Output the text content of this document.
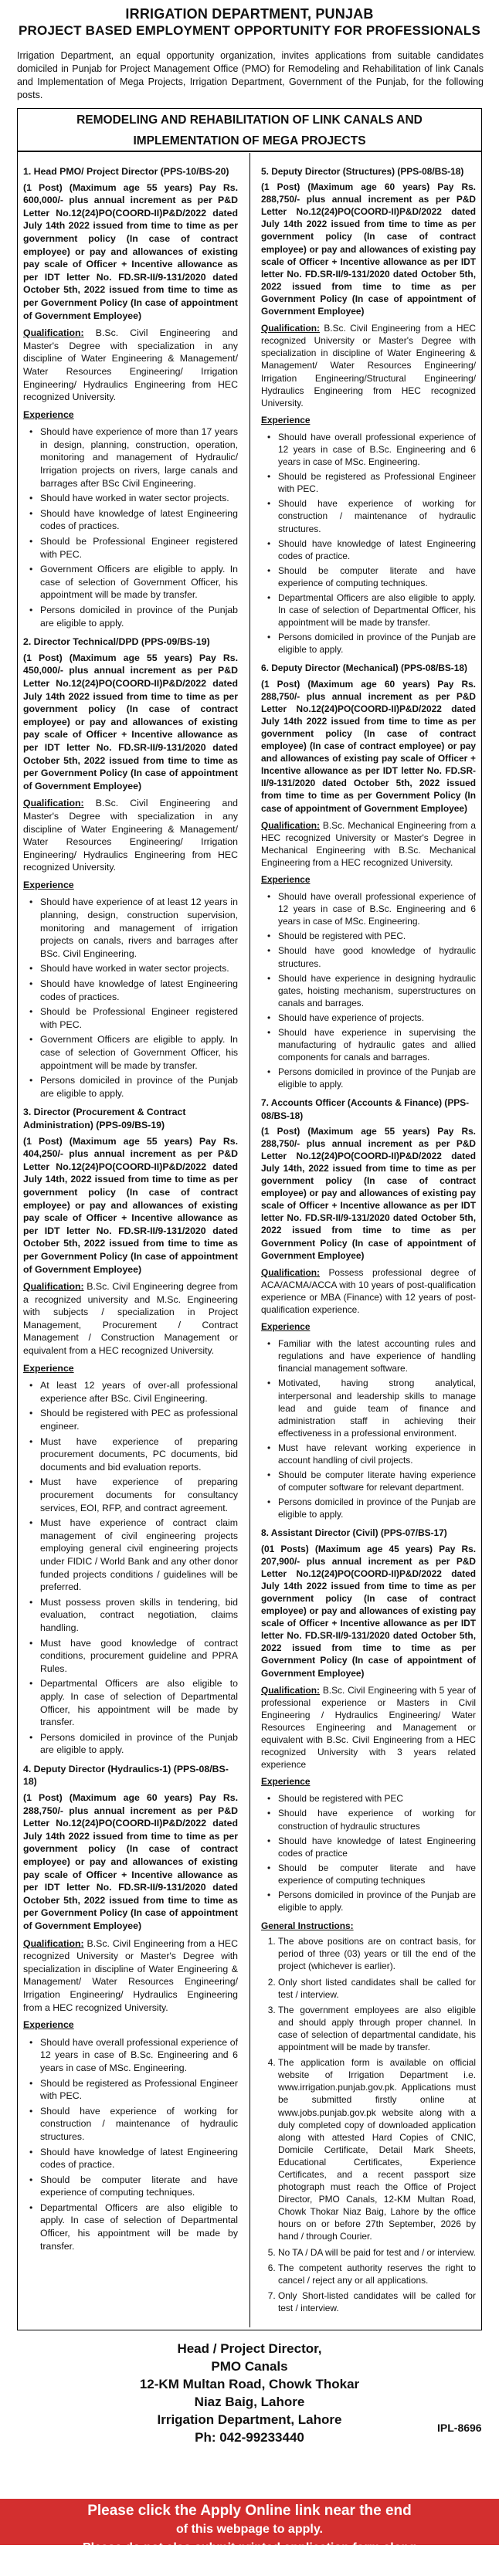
IRRIGATION DEPARTMENT, PUNJAB
PROJECT BASED EMPLOYMENT OPPORTUNITY FOR PROFESSIONALS
Irrigation Department, an equal opportunity organization, invites applications from suitable candidates domiciled in Punjab for Project Management Office (PMO) for Remodeling and Rehabilitation of link Canals and Implementation of Mega Projects, Irrigation Department, Government of the Punjab, for the following posts.
REMODELING AND REHABILITATION OF LINK CANALS AND
IMPLEMENTATION OF MEGA PROJECTS
1. Head PMO/ Project Director (PPS-10/BS-20)
(1 Post) (Maximum age 55 years) Pay Rs. 600,000/- plus annual increment as per P&D Letter No.12(24)PO(COORD-II)P&D/2022 dated July 14th 2022 issued from time to time as per government policy (In case of contract employee) or pay and allowances of existing pay scale of Officer + Incentive allowance as per IDT letter No. FD.SR-II/9-131/2020 dated October 5th, 2022 issued from time to time as per Government Policy (In case of appointment of Government Employee)
Qualification: B.Sc. Civil Engineering and Master's Degree with specialization in any discipline of Water Engineering & Management/ Water Resources Engineering/ Irrigation Engineering/ Hydraulics Engineering from HEC recognized University.
Experience
• Should have experience of more than 17 years in design, planning, construction, operation, monitoring and management of Hydraulic/ Irrigation projects on rivers, large canals and barrages after BSc Civil Engineering.
• Should have worked in water sector projects.
• Should have knowledge of latest Engineering codes of practices.
• Should be Professional Engineer registered with PEC.
• Government Officers are eligible to apply. In case of selection of Government Officer, his appointment will be made by transfer.
• Persons domiciled in province of the Punjab are eligible to apply.
2. Director Technical/DPD (PPS-09/BS-19)
(1 Post) (Maximum age 55 years) Pay Rs. 450,000/- plus annual increment as per P&D Letter No.12(24)PO(COORD-II)P&D/2022 dated July 14th 2022 issued from time to time as per government policy (In case of contract employee) or pay and allowances of existing pay scale of Officer + Incentive allowance as per IDT letter No. FD.SR-II/9-131/2020 dated October 5th, 2022 issued from time to time as per Government Policy (In case of appointment of Government Employee)
Qualification: B.Sc. Civil Engineering and Master's Degree with specialization in any discipline of Water Engineering & Management/ Water Resources Engineering/ Irrigation Engineering/ Hydraulics Engineering from HEC recognized University.
Experience
• Should have experience of at least 12 years in planning, design, construction supervision, monitoring and management of irrigation projects on canals, rivers and barrages after BSc. Civil Engineering.
• Should have worked in water sector projects.
• Should have knowledge of latest Engineering codes of practices.
• Should be Professional Engineer registered with PEC.
• Government Officers are eligible to apply. In case of selection of Government Officer, his appointment will be made by transfer.
• Persons domiciled in province of the Punjab are eligible to apply.
3. Director (Procurement & Contract Administration) (PPS-09/BS-19)
(1 Post) (Maximum age 55 years) Pay Rs. 404,250/- plus annual increment as per P&D Letter No.12(24)PO(COORD-II)P&D/2022 dated July 14th, 2022 issued from time to time as per government policy (In case of contract employee) or pay and allowances of existing pay scale of Officer + Incentive allowance as per IDT letter No. FD.SR-II/9-131/2020 dated October 5th, 2022 issued from time to time as per Government Policy (In case of appointment of Government Employee)
Qualification: B.Sc. Civil Engineering degree from a recognized university and M.Sc. Engineering with subjects / specialization in Project Management, Procurement / Contract Management / Construction Management or equivalent from a HEC recognized University.
Experience
• At least 12 years of over-all professional experience after BSc. Civil Engineering.
• Should be registered with PEC as professional engineer.
• Must have experience of preparing procurement documents, PC documents, bid documents and bid evaluation reports.
• Must have experience of preparing procurement documents for consultancy services, EOI, RFP, and contract agreement.
• Must have experience of contract claim management of civil engineering projects employing general civil engineering projects under FIDIC / World Bank and any other donor funded projects conditions / guidelines will be preferred.
• Must possess proven skills in tendering, bid evaluation, contract negotiation, claims handling.
• Must have good knowledge of contract conditions, procurement guideline and PPRA Rules.
• Departmental Officers are also eligible to apply. In case of selection of Departmental Officer, his appointment will be made by transfer.
• Persons domiciled in province of the Punjab are eligible to apply.
4. Deputy Director (Hydraulics-1) (PPS-08/BS-18)
(1 Post) (Maximum age 60 years) Pay Rs. 288,750/- plus annual increment as per P&D Letter No.12(24)PO(COORD-II)P&D/2022 dated July 14th 2022 issued from time to time as per government policy (In case of contract employee) or pay and allowances of existing pay scale of Officer + Incentive allowance as per IDT letter No. FD.SR-II/9-131/2020 dated October 5th, 2022 issued from time to time as per Government Policy (In case of appointment of Government Employee)
Qualification: B.Sc. Civil Engineering from a HEC recognized University or Master's Degree with specialization in discipline of Water Engineering & Management/ Water Resources Engineering/ Irrigation Engineering/ Hydraulics Engineering from a HEC recognized University.
Experience
• Should have overall professional experience of 12 years in case of B.Sc. Engineering and 6 years in case of MSc. Engineering.
• Should be registered as Professional Engineer with PEC.
• Should have experience of working for construction / maintenance of hydraulic structures.
• Should have knowledge of latest Engineering codes of practice.
• Should be computer literate and have experience of computing techniques.
• Departmental Officers are also eligible to apply. In case of selection of Departmental Officer, his appointment will be made by transfer.
5. Deputy Director (Structures) (PPS-08/BS-18)
(1 Post) (Maximum age 60 years) Pay Rs. 288,750/- plus annual increment as per P&D Letter No.12(24)PO(COORD-II)P&D/2022 dated July 14th 2022 issued from time to time as per government policy (In case of contract employee) or pay and allowances of existing pay scale of Officer + Incentive allowance as per IDT letter No. FD.SR-II/9-131/2020 dated October 5th, 2022 issued from time to time as per Government Policy (In case of appointment of Government Employee)
Qualification: B.Sc. Civil Engineering from a HEC recognized University or Master's Degree with specialization in discipline of Water Engineering & Management/ Water Resources Engineering/ Irrigation Engineering/Structural Engineering/ Hydraulics Engineering from HEC recognized University.
Experience
• Should have overall professional experience of 12 years in case of B.Sc. Engineering and 6 years in case of MSc. Engineering.
• Should be registered as Professional Engineer with PEC.
• Should have experience of working for construction / maintenance of hydraulic structures.
• Should have knowledge of latest Engineering codes of practice.
• Should be computer literate and have experience of computing techniques.
• Departmental Officers are also eligible to apply. In case of selection of Departmental Officer, his appointment will be made by transfer.
• Persons domiciled in province of the Punjab are eligible to apply.
6. Deputy Director (Mechanical) (PPS-08/BS-18)
(1 Post) (Maximum age 60 years) Pay Rs. 288,750/- plus annual increment as per P&D Letter No.12(24)PO(COORD-II)P&D/2022 dated July 14th 2022 issued from time to time as per government policy (In case of contract employee) (In case of contract employee) or pay and allowances of existing pay scale of Officer + Incentive allowance as per IDT letter No. FD.SR-II/9-131/2020 dated October 5th, 2022 issued from time to time as per Government Policy (In case of appointment of Government Employee)
Qualification: B.Sc. Mechanical Engineering from a HEC recognized University or Master's Degree in Mechanical Engineering with B.Sc. Mechanical Engineering from a HEC recognized University.
Experience
• Should have overall professional experience of 12 years in case of B.Sc. Engineering and 6 years in case of MSc. Engineering.
• Should be registered with PEC.
• Should have good knowledge of hydraulic structures.
• Should have experience in designing hydraulic gates, hoisting mechanism, superstructures on canals and barrages.
• Should have experience of projects.
• Should have experience in supervising the manufacturing of hydraulic gates and allied components for canals and barrages.
• Persons domiciled in province of the Punjab are eligible to apply.
7. Accounts Officer (Accounts & Finance) (PPS-08/BS-18)
(1 Post) (Maximum age 55 years) Pay Rs. 288,750/- plus annual increment as per P&D Letter No.12(24)PO(COORD-II)P&D/2022 dated July 14th, 2022 issued from time to time as per government policy (In case of contract employee) or pay and allowances of existing pay scale of Officer + Incentive allowance as per IDT letter No. FD.SR-II/9-131/2020 dated October 5th, 2022 issued from time to time as per Government Policy (In case of appointment of Government Employee)
Qualification: Possess professional degree of ACA/ACMA/ACCA with 10 years of post-qualification experience or MBA (Finance) with 12 years of post-qualification experience.
Experience
• Familiar with the latest accounting rules and regulations and have experience of handling financial management software.
• Motivated, having strong analytical, interpersonal and leadership skills to manage lead and guide team of finance and administration staff in achieving their effectiveness in a professional environment.
• Must have relevant working experience in account handling of civil projects.
• Should be computer literate having experience of computer software for relevant department.
• Persons domiciled in province of the Punjab are eligible to apply.
8. Assistant Director (Civil) (PPS-07/BS-17)
(01 Posts) (Maximum age 45 years) Pay Rs. 207,900/- plus annual increment as per P&D Letter No.12(24)PO(COORD-II)P&D/2022 dated July 14th 2022 issued from time to time as per government policy (In case of contract employee) or pay and allowances of existing pay scale of Officer + Incentive allowance as per IDT letter No. FD.SR-II/9-131/2020 dated October 5th, 2022 issued from time to time as per Government Policy (In case of appointment of Government Employee)
Qualification: B.Sc. Civil Engineering with 5 year of professional experience or Masters in Civil Engineering / Hydraulics Engineering/ Water Resources Engineering and Management or equivalent with B.Sc. Civil Engineering from a HEC recognized University with 3 years related experience
Experience
• Should be registered with PEC
• Should have experience of working for construction of hydraulic structures
• Should have knowledge of latest Engineering codes of practice
• Should be computer literate and have experience of computing techniques
• Persons domiciled in province of the Punjab are eligible to apply.
General Instructions:
1. The above positions are on contract basis, for period of three (03) years or till the end of the project (whichever is earlier).
2. Only short listed candidates shall be called for test / interview.
3. The government employees are also eligible and should apply through proper channel. In case of selection of departmental candidate, his appointment will be made by transfer.
4. The application form is available on official website of Irrigation Department i.e. www.irrigation.punjab.gov.pk. Applications must be submitted firstly online at www.jobs.punjab.gov.pk website along with a duly completed copy of downloaded application along with attested Hard Copies of CNIC, Domicile Certificate, Detail Mark Sheets, Educational Certificates, Experience Certificates, and a recent passport size photograph must reach the Office of Project Director, PMO Canals, 12-KM Multan Road, Chowk Thokar Niaz Baig, Lahore by the office hours on or before 27th September, 2026 by hand / through Courier.
5. No TA / DA will be paid for test and / or interview.
6. The competent authority reserves the right to cancel / reject any or all applications.
7. Only Short-listed candidates will be called for test / interview.
Head / Project Director,
PMO Canals
12-KM Multan Road, Chowk Thokar
Niaz Baig, Lahore
Irrigation Department, Lahore
Ph: 042-99233440
IPL-8696
Please click the Apply Online link near the end
of this webpage to apply.
Please do not also submit printed application form along
with other required documents.
